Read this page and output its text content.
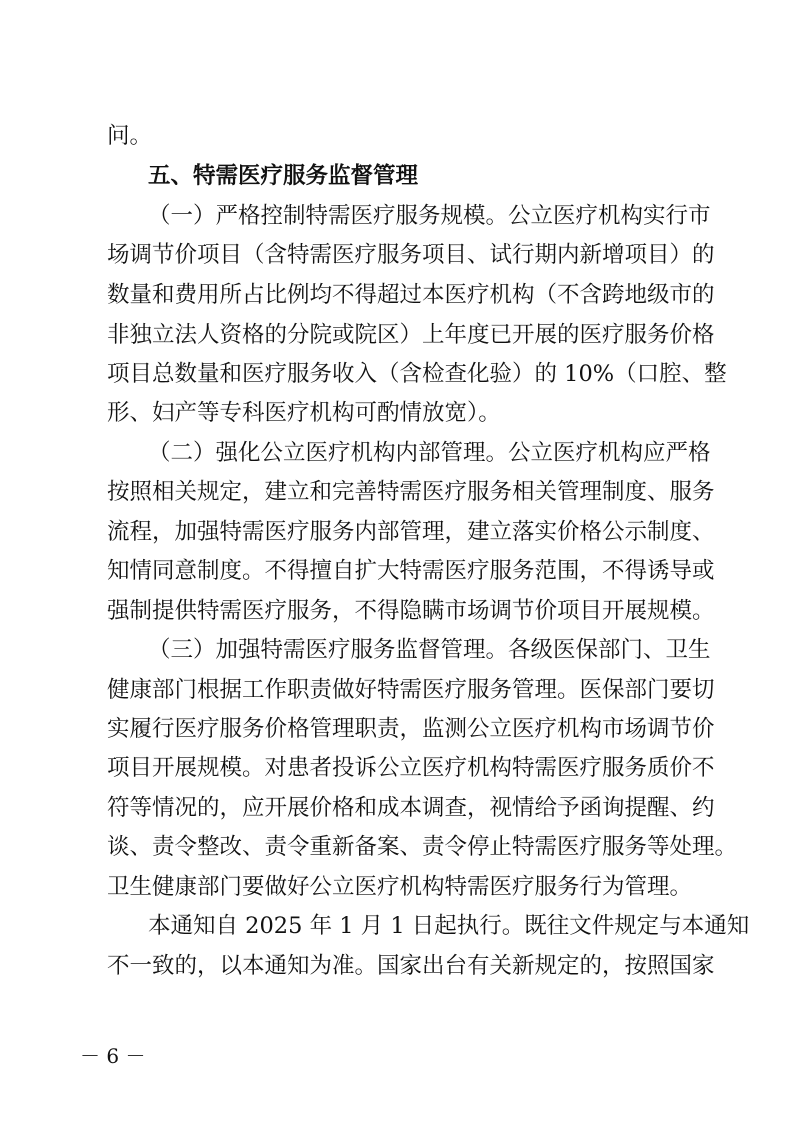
问。
五、特需医疗服务监督管理
（一）严格控制特需医疗服务规模。公立医疗机构实行市
场调节价项目（含特需医疗服务项目、试行期内新增项目）的
数量和费用所占比例均不得超过本医疗机构（不含跨地级市的
非独立法人资格的分院或院区）上年度已开展的医疗服务价格
项目总数量和医疗服务收入（含检查化验）的 10%（口腔、整
形、妇产等专科医疗机构可酌情放宽）。
（二）强化公立医疗机构内部管理。公立医疗机构应严格
按照相关规定，建立和完善特需医疗服务相关管理制度、服务
流程，加强特需医疗服务内部管理，建立落实价格公示制度、
知情同意制度。不得擅自扩大特需医疗服务范围，不得诱导或
强制提供特需医疗服务，不得隐瞒市场调节价项目开展规模。
（三）加强特需医疗服务监督管理。各级医保部门、卫生
健康部门根据工作职责做好特需医疗服务管理。医保部门要切
实履行医疗服务价格管理职责，监测公立医疗机构市场调节价
项目开展规模。对患者投诉公立医疗机构特需医疗服务质价不
符等情况的，应开展价格和成本调查，视情给予函询提醒、约
谈、责令整改、责令重新备案、责令停止特需医疗服务等处理。
卫生健康部门要做好公立医疗机构特需医疗服务行为管理。
本通知自 2025 年 1 月 1 日起执行。既往文件规定与本通知
不一致的，以本通知为准。国家出台有关新规定的，按照国家
－ 6 －
